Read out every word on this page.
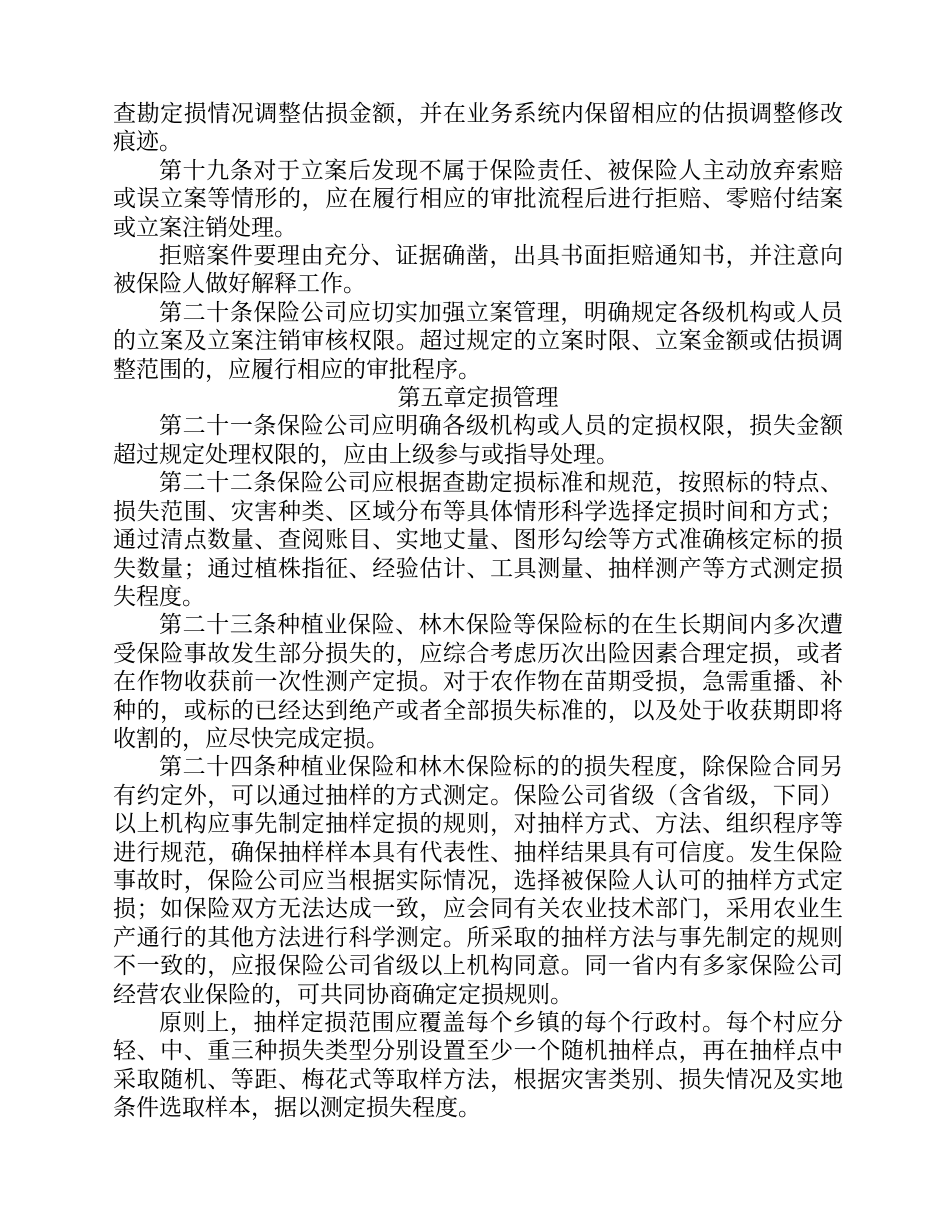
查勘定损情况调整估损金额，并在业务系统内保留相应的估损调整修改痕迹。

第十九条对于立案后发现不属于保险责任、被保险人主动放弃索赔或误立案等情形的，应在履行相应的审批流程后进行拒赔、零赔付结案或立案注销处理。

拒赔案件要理由充分、证据确凿，出具书面拒赔通知书，并注意向被保险人做好解释工作。

第二十条保险公司应切实加强立案管理，明确规定各级机构或人员的立案及立案注销审核权限。超过规定的立案时限、立案金额或估损调整范围的，应履行相应的审批程序。

第五章定损管理

第二十一条保险公司应明确各级机构或人员的定损权限，损失金额超过规定处理权限的，应由上级参与或指导处理。

第二十二条保险公司应根据查勘定损标准和规范，按照标的特点、损失范围、灾害种类、区域分布等具体情形科学选择定损时间和方式；通过清点数量、查阅账目、实地丈量、图形勾绘等方式准确核定标的损失数量；通过植株指征、经验估计、工具测量、抽样测产等方式测定损失程度。

第二十三条种植业保险、林木保险等保险标的在生长期间内多次遭受保险事故发生部分损失的，应综合考虑历次出险因素合理定损，或者在作物收获前一次性测产定损。对于农作物在苗期受损，急需重播、补种的，或标的已经达到绝产或者全部损失标准的，以及处于收获期即将收割的，应尽快完成定损。

第二十四条种植业保险和林木保险标的的损失程度，除保险合同另有约定外，可以通过抽样的方式测定。保险公司省级（含省级，下同）以上机构应事先制定抽样定损的规则，对抽样方式、方法、组织程序等进行规范，确保抽样样本具有代表性、抽样结果具有可信度。发生保险事故时，保险公司应当根据实际情况，选择被保险人认可的抽样方式定损；如保险双方无法达成一致，应会同有关农业技术部门，采用农业生产通行的其他方法进行科学测定。所采取的抽样方法与事先制定的规则不一致的，应报保险公司省级以上机构同意。同一省内有多家保险公司经营农业保险的，可共同协商确定定损规则。

原则上，抽样定损范围应覆盖每个乡镇的每个行政村。每个村应分轻、中、重三种损失类型分别设置至少一个随机抽样点，再在抽样点中采取随机、等距、梅花式等取样方法，根据灾害类别、损失情况及实地条件选取样本，据以测定损失程度。
